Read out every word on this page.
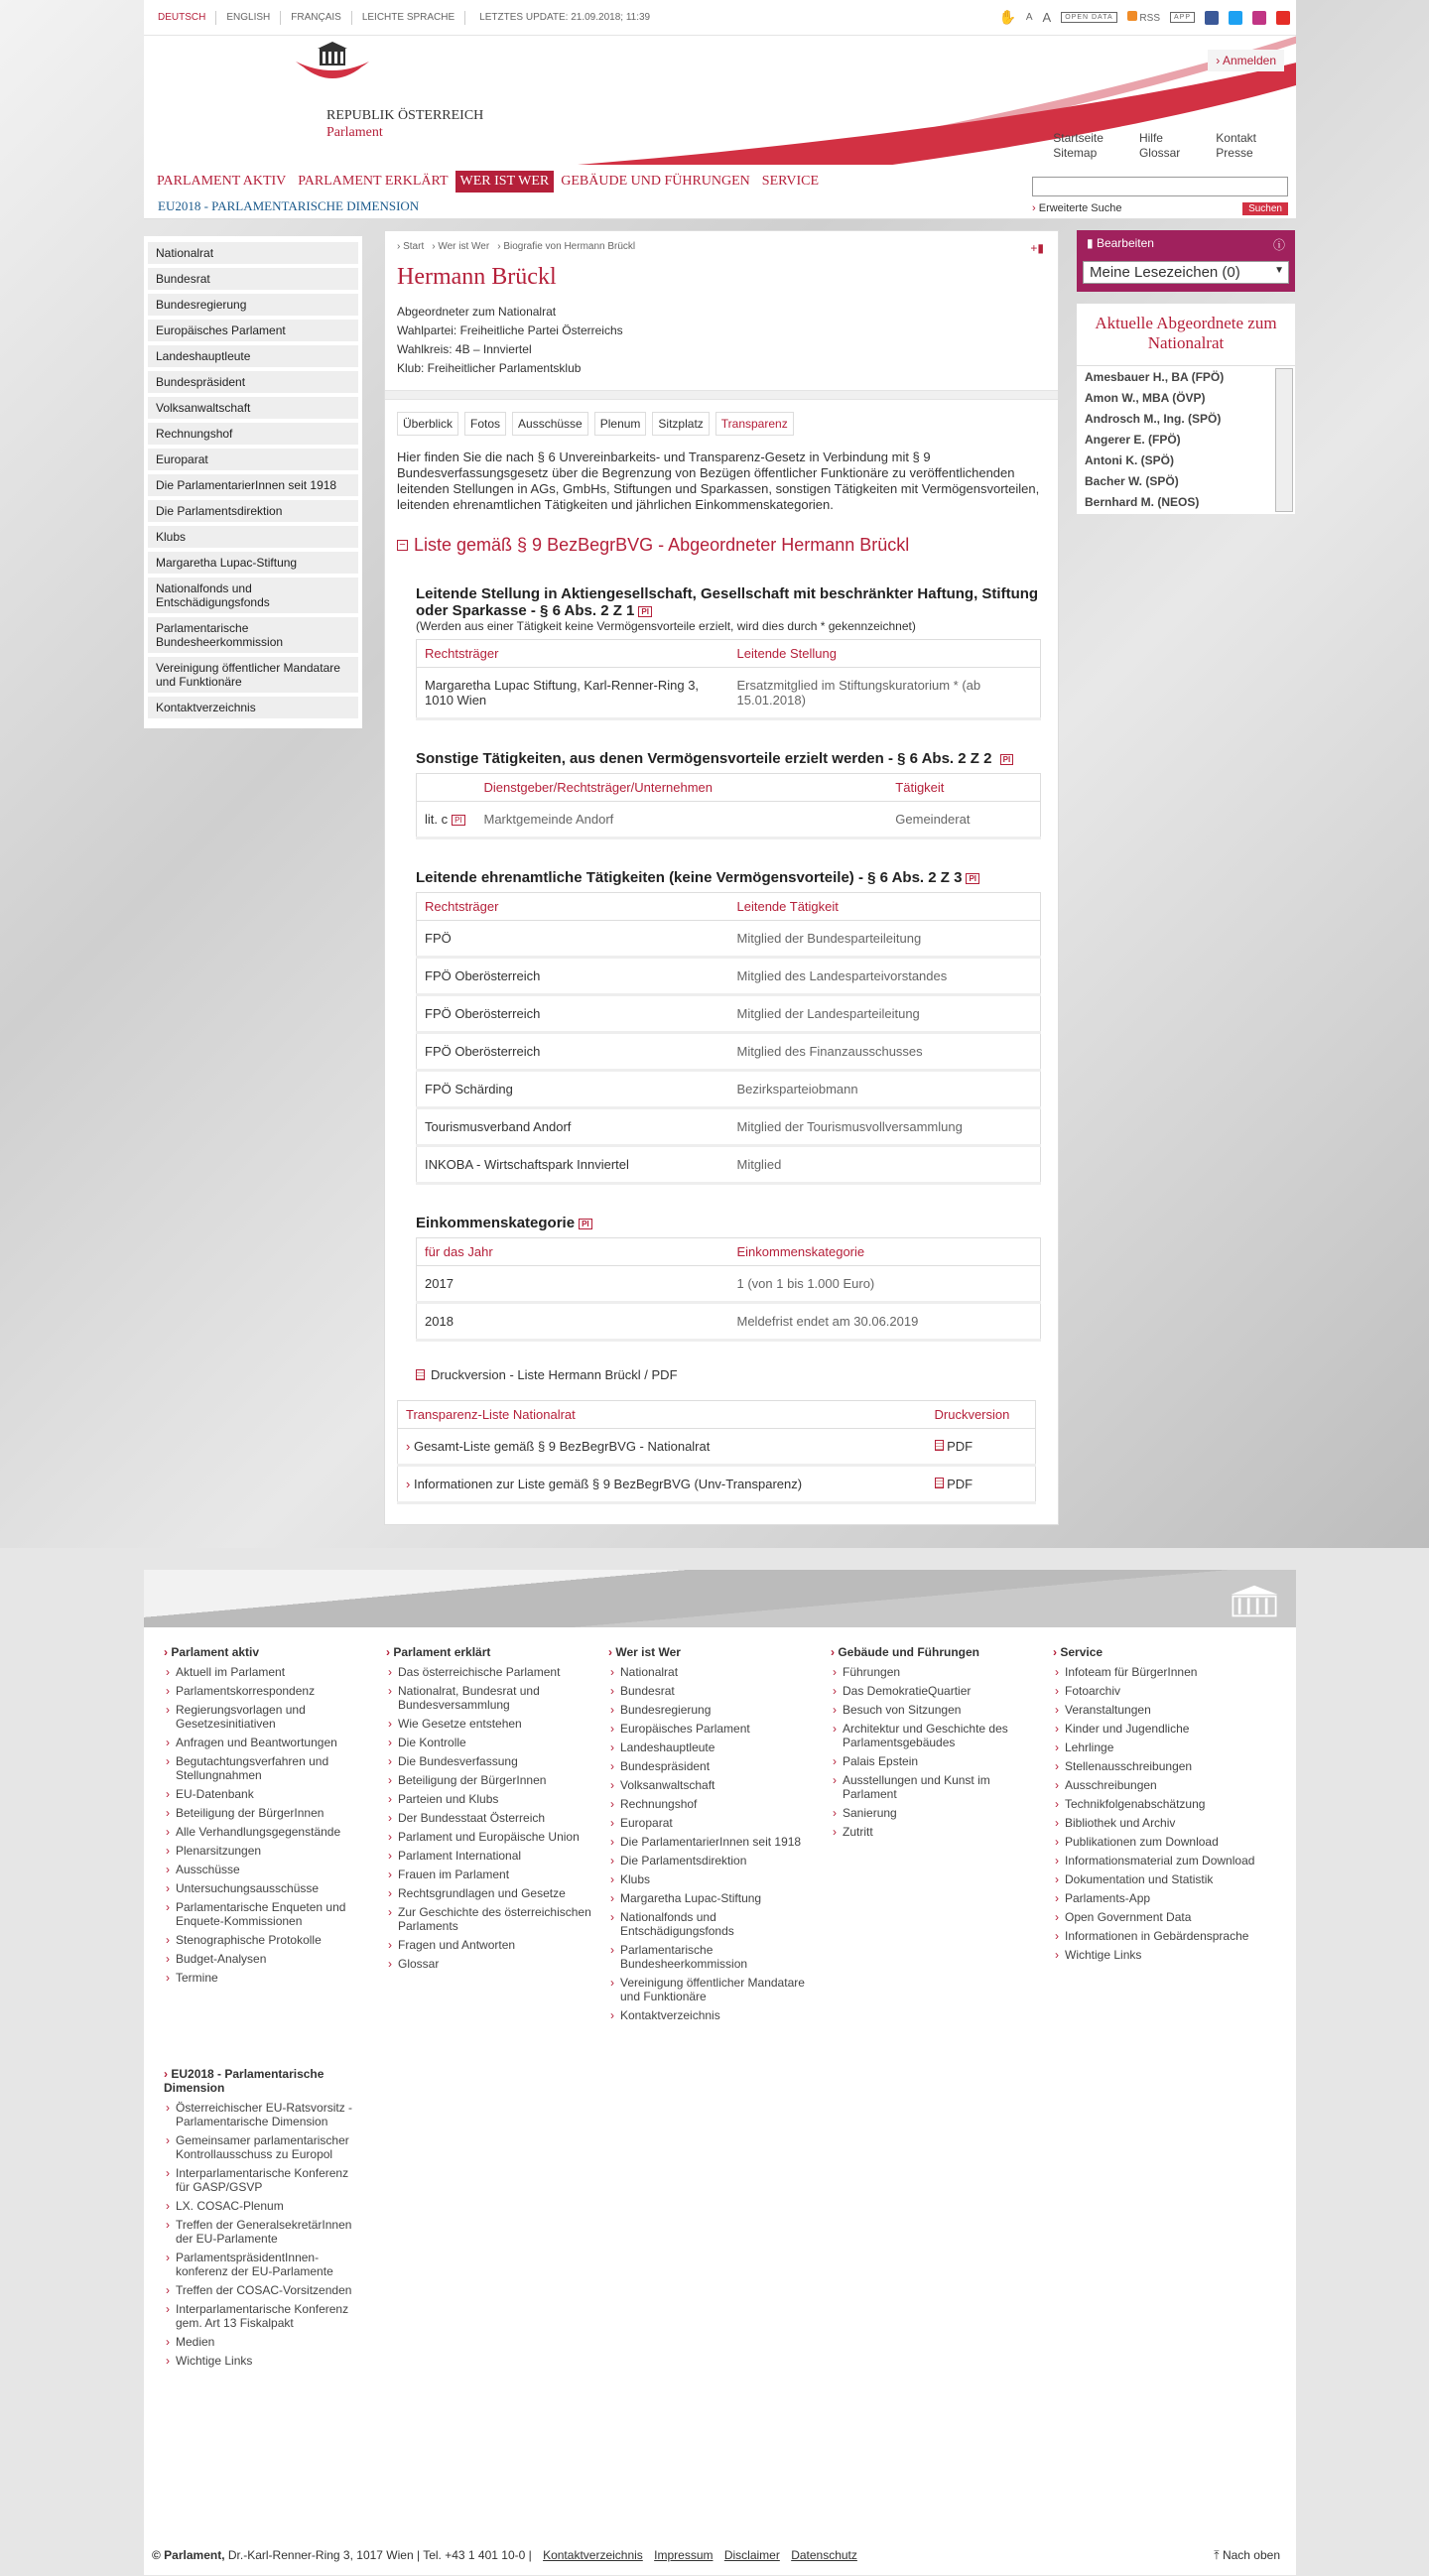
DEUTSCH	ENGLISH	FRANÇAIS	LEICHTE SPRACHE	LETZTES UPDATE: 21.09.2018; 11:39	✋ A A	OPEN DATA	RSS	APP
REPUBLIK ÖSTERREICH
Parlament
› Anmelden
Startseite
Sitemap
Hilfe
Glossar
Kontakt
Presse
PARLAMENT AKTIV PARLAMENT ERKLÄRT WER IST WER GEBÄUDE UND FÜHRUNGEN SERVICE
EU2018 - PARLAMENTARISCHE DIMENSION	› Erweiterte Suche	Suchen
Nationalrat
Bundesrat
Bundesregierung
Europäisches Parlament
Landeshauptleute
Bundespräsident
Volksanwaltschaft
Rechnungshof
Europarat
Die ParlamentarierInnen seit 1918
Die Parlamentsdirektion
Klubs
Margaretha Lupac-Stiftung
Nationalfonds und Entschädigungsfonds
Parlamentarische Bundesheerkommission
Vereinigung öffentlicher Mandatare und Funktionäre
Kontaktverzeichnis
› Start › Wer ist Wer › Biografie von Hermann Brückl	+▮
Hermann Brückl
Abgeordneter zum Nationalrat
Wahlpartei: Freiheitliche Partei Österreichs
Wahlkreis: 4B – Innviertel
Klub: Freiheitlicher Parlamentsklub
Überblick	Fotos	Ausschüsse	Plenum	Sitzplatz	Transparenz
Hier finden Sie die nach § 6 Unvereinbarkeits- und Transparenz-Gesetz in Verbindung mit § 9 Bundesverfassungsgesetz über die Begrenzung von Bezügen öffentlicher Funktionäre zu veröffentlichenden leitenden Stellungen in AGs, GmbHs, Stiftungen und Sparkassen, sonstigen Tätigkeiten mit Vermögensvorteilen, leitenden ehrenamtlichen Tätigkeiten und jährlichen Einkommenskategorien.
− Liste gemäß § 9 BezBegrBVG - Abgeordneter Hermann Brückl
Leitende Stellung in Aktiengesellschaft, Gesellschaft mit beschränkter Haftung, Stiftung oder Sparkasse - § 6 Abs. 2 Z 1 PI
(Werden aus einer Tätigkeit keine Vermögensvorteile erzielt, wird dies durch * gekennzeichnet)
Rechtsträger	Leitende Stellung
Margaretha Lupac Stiftung, Karl-Renner-Ring 3, 1010 Wien	Ersatzmitglied im Stiftungskuratorium * (ab 15.01.2018)
Sonstige Tätigkeiten, aus denen Vermögensvorteile erzielt werden - § 6 Abs. 2 Z 2 PI
	Dienstgeber/Rechtsträger/Unternehmen	Tätigkeit
lit. c PI	Marktgemeinde Andorf	Gemeinderat
Leitende ehrenamtliche Tätigkeiten (keine Vermögensvorteile) - § 6 Abs. 2 Z 3 PI
Rechtsträger	Leitende Tätigkeit
FPÖ	Mitglied der Bundesparteileitung
FPÖ Oberösterreich	Mitglied des Landesparteivorstandes
FPÖ Oberösterreich	Mitglied der Landesparteileitung
FPÖ Oberösterreich	Mitglied des Finanzausschusses
FPÖ Schärding	Bezirksparteiobmann
Tourismusverband Andorf	Mitglied der Tourismusvollversammlung
INKOBA - Wirtschaftspark Innviertel	Mitglied
Einkommenskategorie PI
für das Jahr	Einkommenskategorie
2017	1 (von 1 bis 1.000 Euro)
2018	Meldefrist endet am 30.06.2019
Druckversion - Liste Hermann Brückl / PDF
Transparenz-Liste Nationalrat	Druckversion
› Gesamt-Liste gemäß § 9 BezBegrBVG - Nationalrat	PDF
› Informationen zur Liste gemäß § 9 BezBegrBVG (Unv-Transparenz)	PDF
▮ Bearbeiten	ⓘ
Meine Lesezeichen (0)	▼
Aktuelle Abgeordnete zum Nationalrat
Amesbauer H., BA (FPÖ)
Amon W., MBA (ÖVP)
Androsch M., Ing. (SPÖ)
Angerer E. (FPÖ)
Antoni K. (SPÖ)
Bacher W. (SPÖ)
Bernhard M. (NEOS)
› Parlament aktiv
› Aktuell im Parlament
› Parlamentskorrespondenz
› Regierungsvorlagen und Gesetzesinitiativen
› Anfragen und Beantwortungen
› Begutachtungsverfahren und Stellungnahmen
› EU-Datenbank
› Beteiligung der BürgerInnen
› Alle Verhandlungsgegenstände
› Plenarsitzungen
› Ausschüsse
› Untersuchungsausschüsse
› Parlamentarische Enqueten und Enquete-Kommissionen
› Stenographische Protokolle
› Budget-Analysen
› Termine
› Parlament erklärt
› Das österreichische Parlament
› Nationalrat, Bundesrat und Bundesversammlung
› Wie Gesetze entstehen
› Die Kontrolle
› Die Bundesverfassung
› Beteiligung der BürgerInnen
› Parteien und Klubs
› Der Bundesstaat Österreich
› Parlament und Europäische Union
› Parlament International
› Frauen im Parlament
› Rechtsgrundlagen und Gesetze
› Zur Geschichte des österreichischen Parlaments
› Fragen und Antworten
› Glossar
› Wer ist Wer
› Nationalrat
› Bundesrat
› Bundesregierung
› Europäisches Parlament
› Landeshauptleute
› Bundespräsident
› Volksanwaltschaft
› Rechnungshof
› Europarat
› Die ParlamentarierInnen seit 1918
› Die Parlamentsdirektion
› Klubs
› Margaretha Lupac-Stiftung
› Nationalfonds und Entschädigungsfonds
› Parlamentarische Bundesheerkommission
› Vereinigung öffentlicher Mandatare und Funktionäre
› Kontaktverzeichnis
› Gebäude und Führungen
› Führungen
› Das DemokratieQuartier
› Besuch von Sitzungen
› Architektur und Geschichte des Parlamentsgebäudes
› Palais Epstein
› Ausstellungen und Kunst im Parlament
› Sanierung
› Zutritt
› Service
› Infoteam für BürgerInnen
› Fotoarchiv
› Veranstaltungen
› Kinder und Jugendliche
› Lehrlinge
› Stellenausschreibungen
› Ausschreibungen
› Technikfolgenabschätzung
› Bibliothek und Archiv
› Publikationen zum Download
› Informationsmaterial zum Download
› Dokumentation und Statistik
› Parlaments-App
› Open Government Data
› Informationen in Gebärdensprache
› Wichtige Links
› EU2018 - Parlamentarische Dimension
› Österreichischer EU-Ratsvorsitz - Parlamentarische Dimension
› Gemeinsamer parlamentarischer Kontrollausschuss zu Europol
› Interparlamentarische Konferenz für GASP/GSVP
› LX. COSAC-Plenum
› Treffen der GeneralsekretärInnen der EU-Parlamente
› ParlamentspräsidentInnen-konferenz der EU-Parlamente
› Treffen der COSAC-Vorsitzenden
› Interparlamentarische Konferenz gem. Art 13 Fiskalpakt
› Medien
› Wichtige Links
© Parlament, Dr.-Karl-Renner-Ring 3, 1017 Wien | Tel. +43 1 401 10-0 | Kontaktverzeichnis Impressum Disclaimer Datenschutz	⤒ Nach oben
